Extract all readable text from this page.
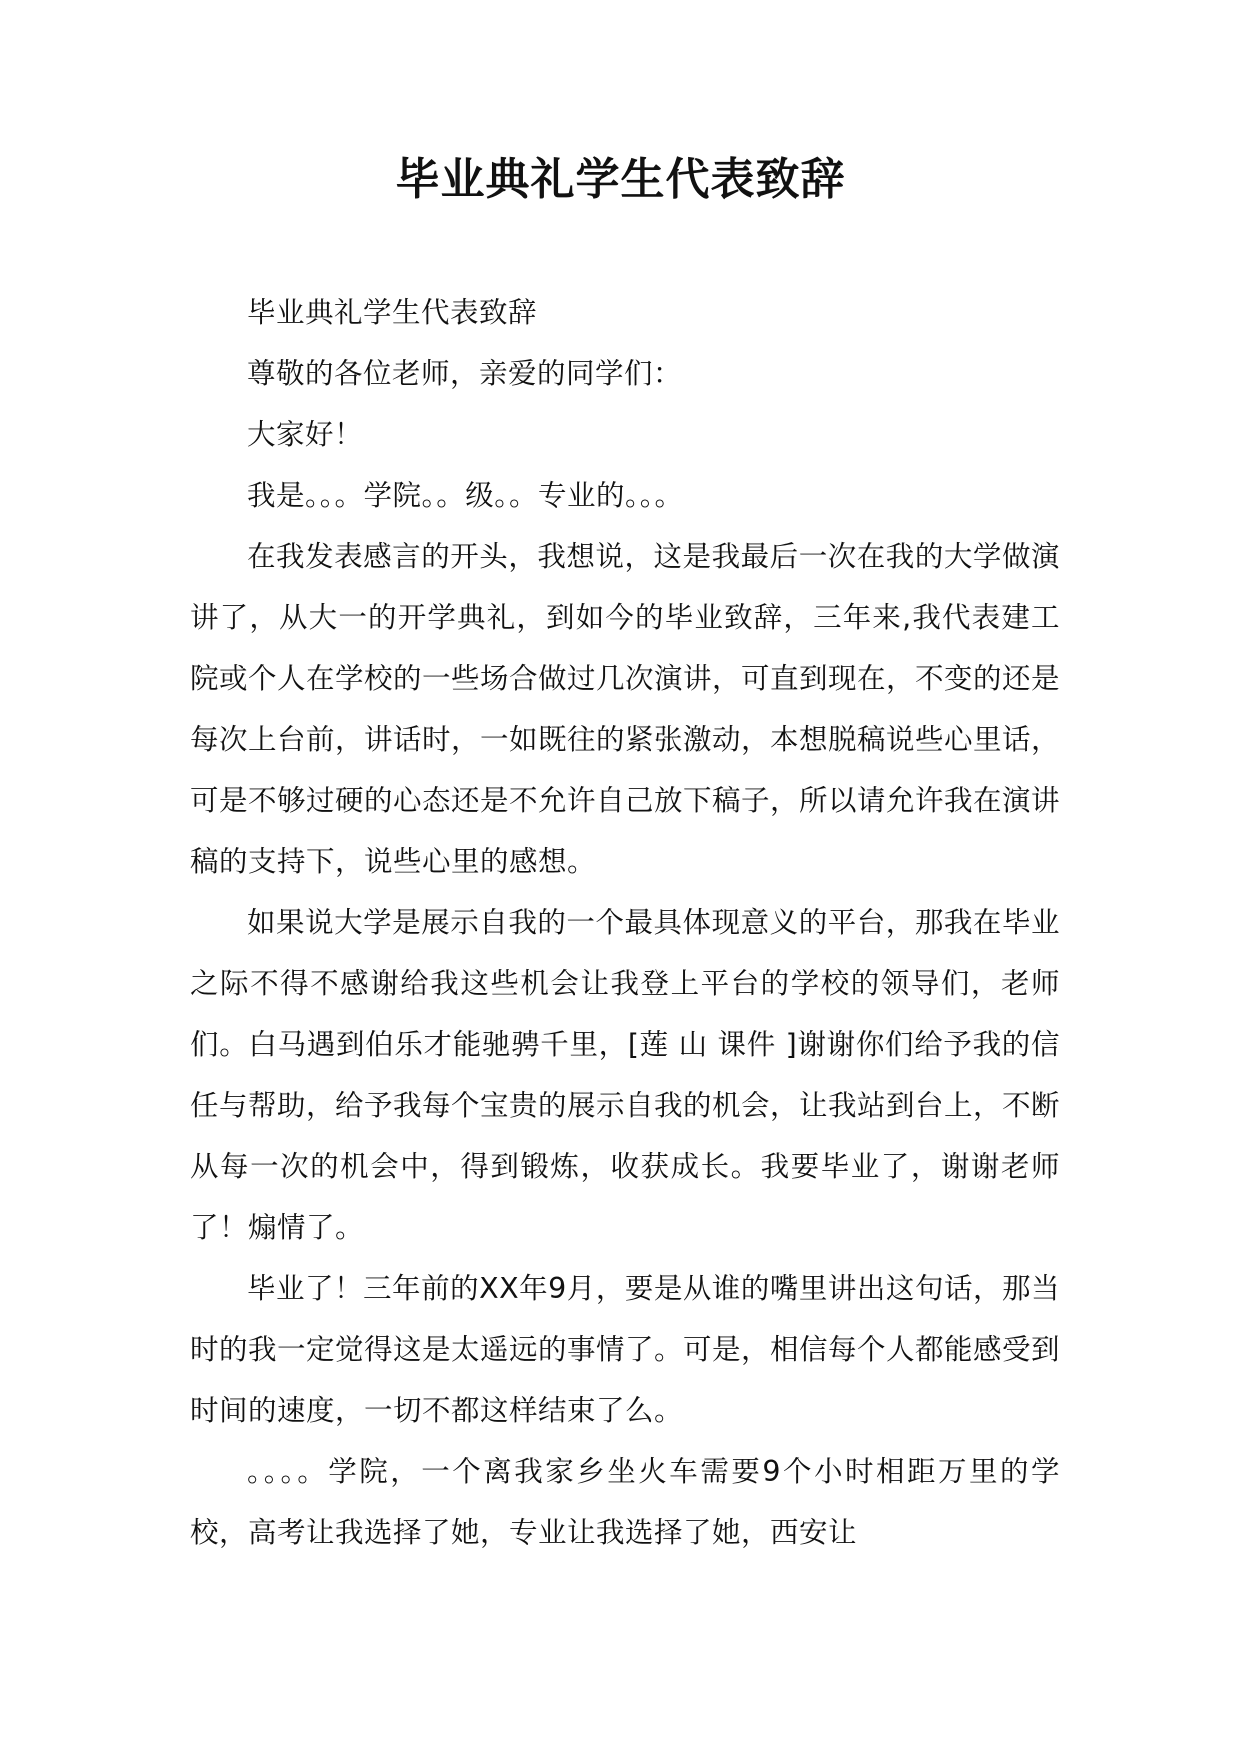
毕业典礼学生代表致辞

毕业典礼学生代表致辞

尊敬的各位老师，亲爱的同学们：

大家好！

我是。。。学院。。级。。专业的。。。

在我发表感言的开头，我想说，这是我最后一次在我的大学做演讲了，从大一的开学典礼，到如今的毕业致辞，三年来,我代表建工院或个人在学校的一些场合做过几次演讲，可直到现在，不变的还是每次上台前，讲话时，一如既往的紧张激动，本想脱稿说些心里话，可是不够过硬的心态还是不允许自己放下稿子，所以请允许我在演讲稿的支持下，说些心里的感想。

如果说大学是展示自我的一个最具体现意义的平台，那我在毕业之际不得不感谢给我这些机会让我登上平台的学校的领导们，老师们。白马遇到伯乐才能驰骋千里，[莲 山 课件 ]谢谢你们给予我的信任与帮助，给予我每个宝贵的展示自我的机会，让我站到台上，不断从每一次的机会中，得到锻炼，收获成长。我要毕业了，谢谢老师了！煽情了。

毕业了！三年前的XX年9月，要是从谁的嘴里讲出这句话，那当时的我一定觉得这是太遥远的事情了。可是，相信每个人都能感受到时间的速度，一切不都这样结束了么。

。。。。学院，一个离我家乡坐火车需要9个小时相距万里的学校，高考让我选择了她，专业让我选择了她，西安让
